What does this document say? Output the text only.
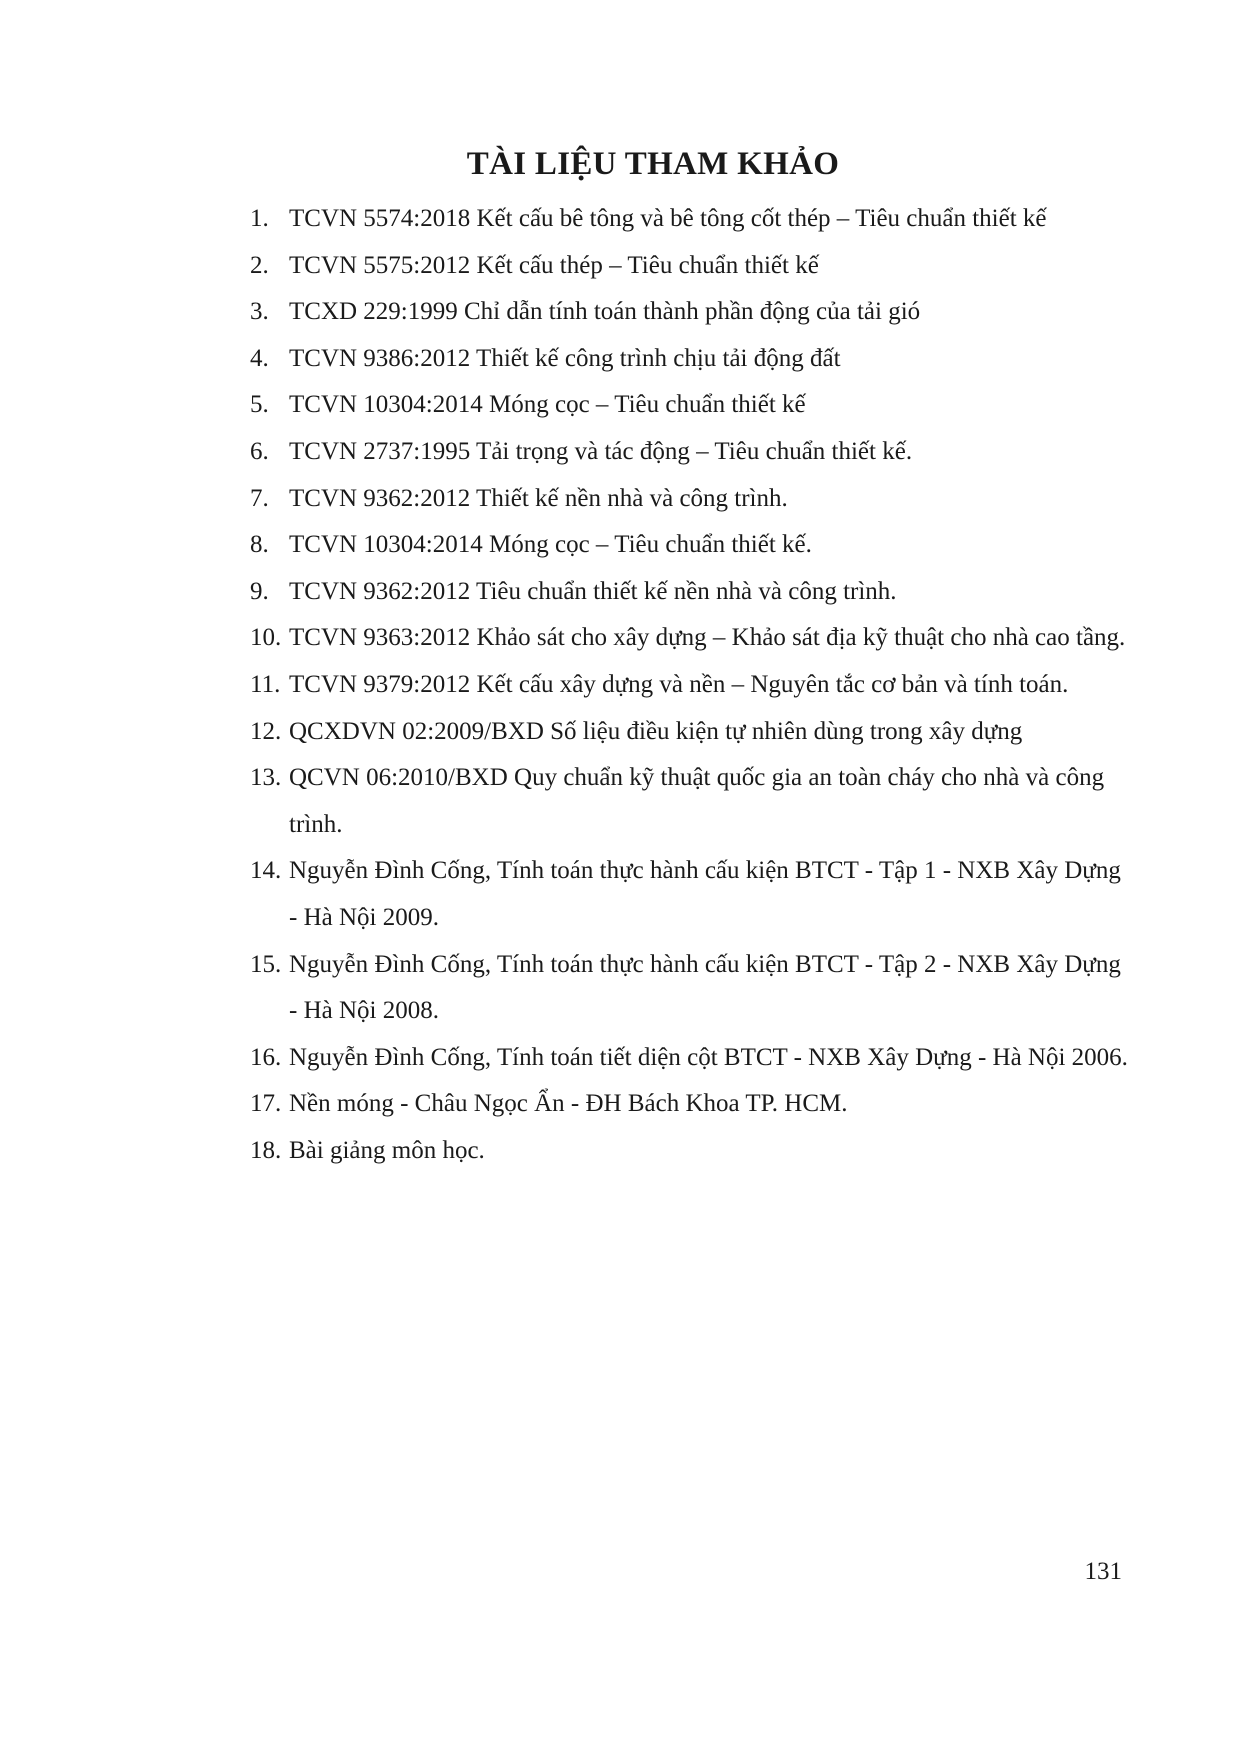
TÀI LIỆU THAM KHẢO
1. TCVN 5574:2018 Kết cấu bê tông và bê tông cốt thép – Tiêu chuẩn thiết kế
2. TCVN 5575:2012 Kết cấu thép – Tiêu chuẩn thiết kế
3. TCXD 229:1999 Chỉ dẫn tính toán thành phần động của tải gió
4. TCVN 9386:2012 Thiết kế công trình chịu tải động đất
5. TCVN 10304:2014 Móng cọc – Tiêu chuẩn thiết kế
6. TCVN 2737:1995 Tải trọng và tác động – Tiêu chuẩn thiết kế.
7. TCVN 9362:2012 Thiết kế nền nhà và công trình.
8. TCVN 10304:2014 Móng cọc – Tiêu chuẩn thiết kế.
9. TCVN 9362:2012 Tiêu chuẩn thiết kế nền nhà và công trình.
10. TCVN 9363:2012 Khảo sát cho xây dựng – Khảo sát địa kỹ thuật cho nhà cao tầng.
11. TCVN 9379:2012 Kết cấu xây dựng và nền – Nguyên tắc cơ bản và tính toán.
12. QCXDVN 02:2009/BXD Số liệu điều kiện tự nhiên dùng trong xây dựng
13. QCVN 06:2010/BXD Quy chuẩn kỹ thuật quốc gia an toàn cháy cho nhà và công trình.
14. Nguyễn Đình Cống, Tính toán thực hành cấu kiện BTCT - Tập 1 - NXB Xây Dựng - Hà Nội 2009.
15. Nguyễn Đình Cống, Tính toán thực hành cấu kiện BTCT - Tập 2 - NXB Xây Dựng - Hà Nội 2008.
16. Nguyễn Đình Cống, Tính toán tiết diện cột BTCT - NXB Xây Dựng - Hà Nội 2006.
17. Nền móng - Châu Ngọc Ẩn - ĐH Bách Khoa TP. HCM.
18. Bài giảng môn học.
131
